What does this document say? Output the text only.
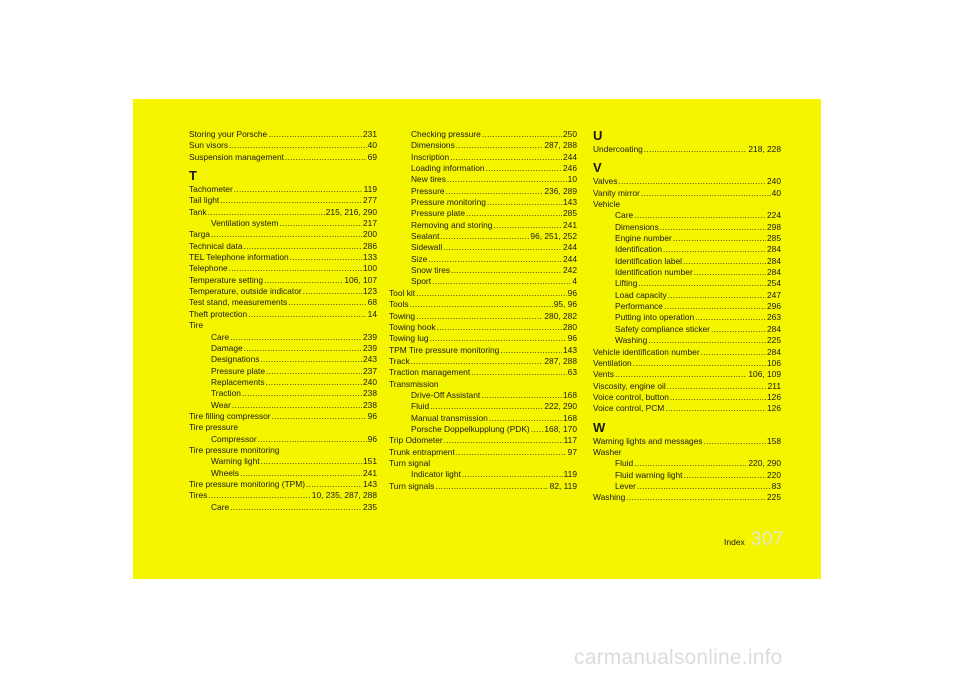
Storing your Porsche .....	231
Sun visors .....	40
Suspension management .....	69
T
Tachometer .....	119
Tail light .....	277
Tank .....	215, 216, 290
Ventilation system .....	217
Targa .....	200
Technical data .....	286
TEL Telephone information .....	133
Telephone .....	100
Temperature setting .....	106, 107
Temperature, outside indicator .....	123
Test stand, measurements .....	68
Theft protection .....	14
Tire
Care .....	239
Damage .....	239
Designations .....	243
Pressure plate .....	237
Replacements .....	240
Traction .....	238
Wear .....	238
Tire filling compressor .....	96
Tire pressure
Compressor .....	96
Tire pressure monitoring
Warning light .....	151
Wheels .....	241
Tire pressure monitoring (TPM) .....	143
Tires .....	10, 235, 287, 288
Care .....	235
Checking pressure .....	250
Dimensions .....	287, 288
Inscription .....	244
Loading information .....	246
New tires .....	10
Pressure .....	236, 289
Pressure monitoring .....	143
Pressure plate .....	285
Removing and storing .....	241
Sealant .....	96, 251, 252
Sidewall .....	244
Size .....	244
Snow tires .....	242
Sport .....	4
Tool kit .....	96
Tools .....	95, 96
Towing .....	280, 282
Towing hook .....	280
Towing lug .....	96
TPM Tire pressure monitoring .....	143
Track .....	287, 288
Traction management .....	63
Transmission
Drive-Off Assistant .....	168
Fluid .....	222, 290
Manual transmission .....	168
Porsche Doppelkupplung (PDK) ..... 168, 170
Trip Odometer .....	117
Trunk entrapment .....	97
Turn signal
Indicator light .....	119
Turn signals .....	82, 119
U
Undercoating .....	218, 228
V
Valves .....	240
Vanity mirror .....	40
Vehicle
Care .....	224
Dimensions .....	298
Engine number .....	285
Identification .....	284
Identification label .....	284
Identification number .....	284
Lifting .....	254
Load capacity .....	247
Performance .....	296
Putting into operation .....	263
Safety compliance sticker .....	284
Washing .....	225
Vehicle identification number .....	284
Ventilation .....	106
Vents .....	106, 109
Viscosity, engine oil .....	211
Voice control, button .....	126
Voice control, PCM .....	126
W
Warning lights and messages .....	158
Washer
Fluid .....	220, 290
Fluid warning light .....	220
Lever .....	83
Washing .....	225
Index 307
carmanualsonline.info
